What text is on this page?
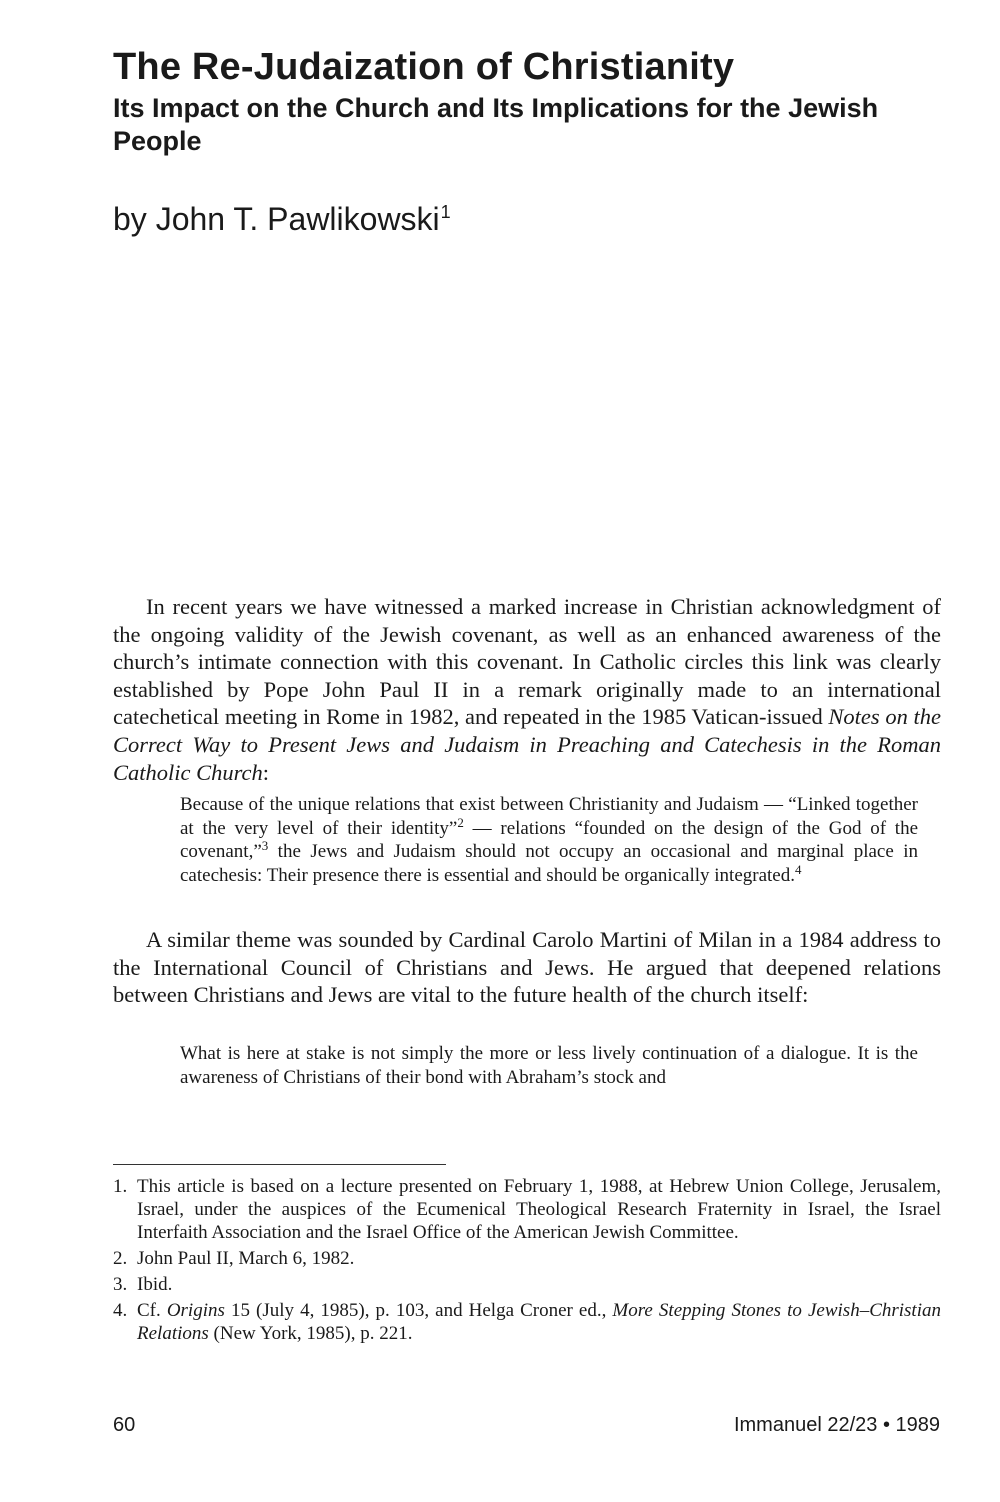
The Re-Judaization of Christianity
Its Impact on the Church and Its Implications for the Jewish People
by John T. Pawlikowski$^1$

In recent years we have witnessed a marked increase in Christian acknowledgment of the ongoing validity of the Jewish covenant, as well as an enhanced awareness of the church’s intimate connection with this covenant. In Catholic circles this link was clearly established by Pope John Paul II in a remark originally made to an international catechetical meeting in Rome in 1982, and repeated in the 1985 Vatican-issued Notes on the Correct Way to Present Jews and Judaism in Preaching and Catechesis in the Roman Catholic Church:

Because of the unique relations that exist between Christianity and Judaism — “Linked together at the very level of their identity”$^2$ — relations “founded on the design of the God of the covenant,”$^3$ the Jews and Judaism should not occupy an occasional and marginal place in catechesis: Their presence there is essential and should be organically integrated.$^4$

A similar theme was sounded by Cardinal Carolo Martini of Milan in a 1984 address to the International Council of Christians and Jews. He argued that deepened relations between Christians and Jews are vital to the future health of the church itself:

What is here at stake is not simply the more or less lively continuation of a dialogue. It is the awareness of Christians of their bond with Abraham’s stock and

1. This article is based on a lecture presented on February 1, 1988, at Hebrew Union College, Jerusalem, Israel, under the auspices of the Ecumenical Theological Research Fraternity in Israel, the Israel Interfaith Association and the Israel Office of the American Jewish Committee.
2. John Paul II, March 6, 1982.
3. Ibid.
4. Cf. Origins 15 (July 4, 1985), p. 103, and Helga Croner ed., More Stepping Stones to Jewish–Christian Relations (New York, 1985), p. 221.
60	Immanuel 22/23 • 1989
